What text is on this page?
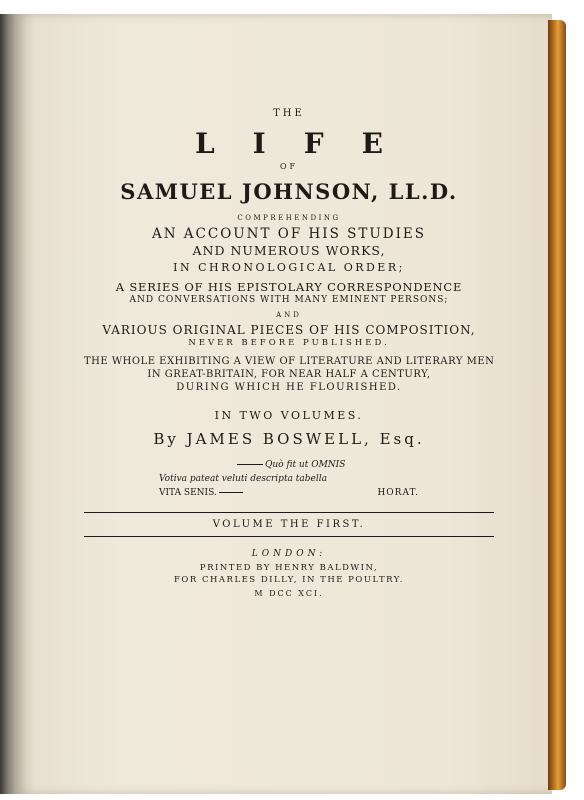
THE
LIFE
OF
SAMUEL JOHNSON, LL.D.
COMPREHENDING
AN ACCOUNT OF HIS STUDIES
AND NUMEROUS WORKS,
IN CHRONOLOGICAL ORDER;
A SERIES OF HIS EPISTOLARY CORRESPONDENCE
AND CONVERSATIONS WITH MANY EMINENT PERSONS;
AND
VARIOUS ORIGINAL PIECES OF HIS COMPOSITION,
NEVER BEFORE PUBLISHED.
THE WHOLE EXHIBITING A VIEW OF LITERATURE AND LITERARY MEN
IN GREAT-BRITAIN, FOR NEAR HALF A CENTURY,
DURING WHICH HE FLOURISHED.
IN TWO VOLUMES.
By JAMES BOSWELL, Esq.
Quò fit ut OMNIS
Votiva pateat veluti descripta tabella
VITA SENIS.	HORAT.
VOLUME THE FIRST.
LONDON:
PRINTED BY HENRY BALDWIN,
FOR CHARLES DILLY, IN THE POULTRY.
M DCC XCI.
